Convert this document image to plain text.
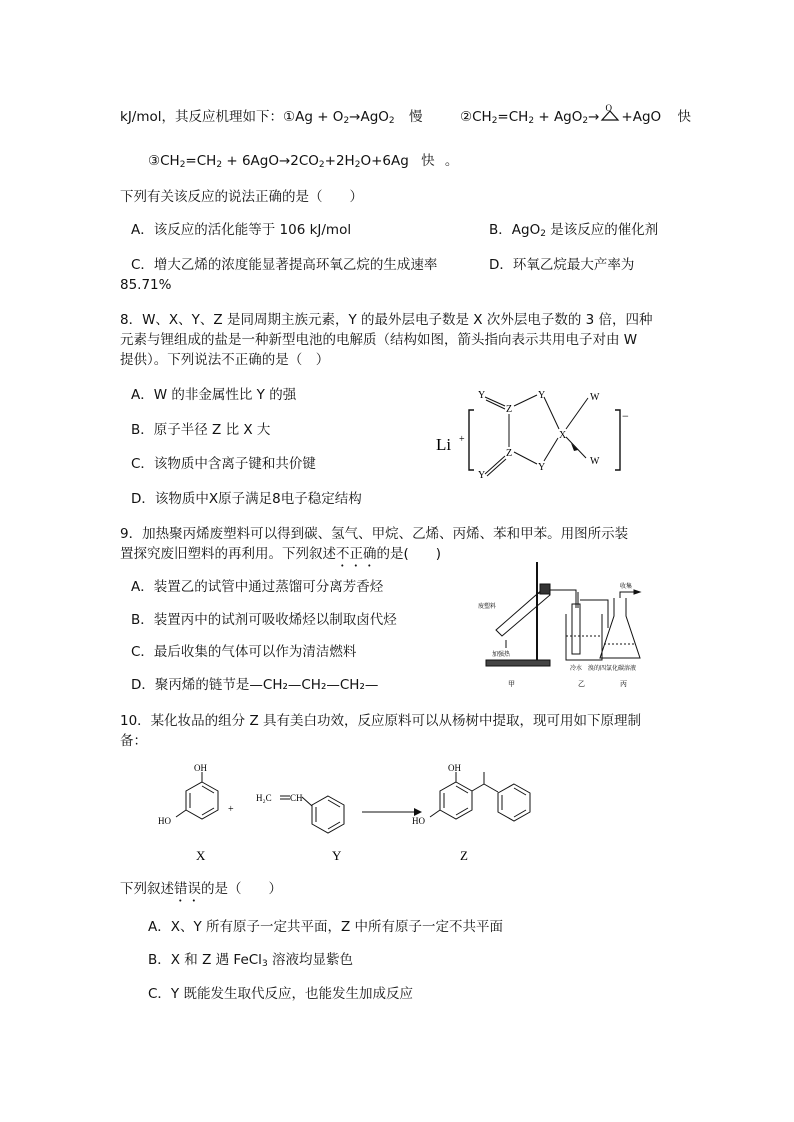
kJ/mol，其反应机理如下：①Ag + $O_2\to AgO_2$ 慢	$②CH_2=CH_2 + AgO_2\to$
O
+AgO 快
$③CH_2=CH_2 + 6AgO\to 2CO_2+2H_2O+6Ag$ 快 。
下列有关该反应的说法正确的是（　　）
A．该反应的活化能等于 106 kJ/mol	B．AgO$_2$ 是该反应的催化剂
C．增大乙烯的浓度能显著提高环氧乙烷的生成速率	D．环氧乙烷最大产率为
85.71%
8．W、X、Y、Z 是同周期主族元素，Y 的最外层电子数是 X 次外层电子数的 3 倍，四种
元素与锂组成的盐是一种新型电池的电解质（结构如图，箭头指向表示共用电子对由 W
提供）。下列说法不正确的是（　）
A．W 的非金属性比 Y 的强
B．原子半径 Z 比 X 大
C．该物质中含离子键和共价键
D．该物质中X原子满足8电子稳定结构
Li +
−
Y
Z
Y
X
W
W
Z
Y
Y
9．加热聚丙烯废塑料可以得到碳、氢气、甲烷、乙烯、丙烯、苯和甲苯。用图所示装
置探究废旧塑料的再利用。下列叙述不正确的是(　　)
A．装置乙的试管中通过蒸馏可分离芳香烃
B．装置丙中的试剂可吸收烯烃以制取卤代烃
C．最后收集的气体可以作为清洁燃料
D．聚丙烯的链节是—CH₂—CH₂—CH₂—
废塑料
加强热
收集
冷水 溴的四氯化碳溶液
甲	乙	丙
10．某化妆品的组分 Z 具有美白功效，反应原料可以从杨树中提取，现可用如下原理制
备：
OH
HO
+
H₂C CH
OH
HO
X	Y	Z
下列叙述错误的是（　　）
A．X、Y 所有原子一定共平面，Z 中所有原子一定不共平面
B．X 和 Z 遇 FeCl$_3$ 溶液均显紫色
C．Y 既能发生取代反应，也能发生加成反应
